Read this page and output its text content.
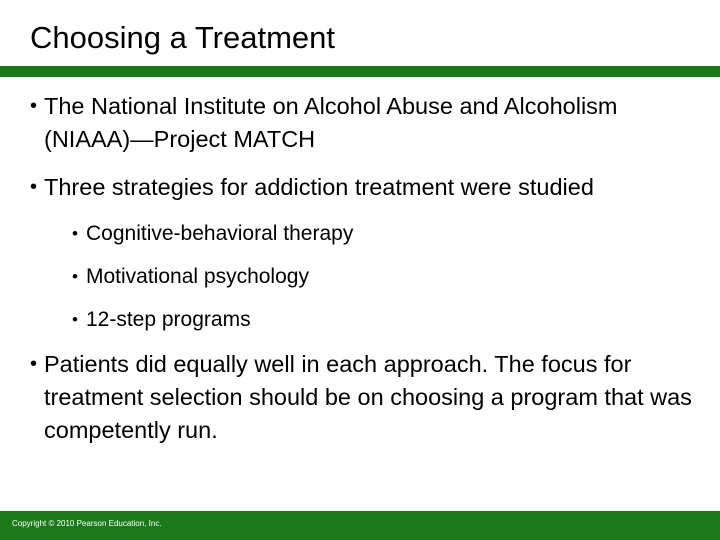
Choosing a Treatment
• The National Institute on Alcohol Abuse and Alcoholism (NIAAA)—Project MATCH
• Three strategies for addiction treatment were studied
• Cognitive-behavioral therapy
• Motivational psychology
• 12-step programs
• Patients did equally well in each approach. The focus for treatment selection should be on choosing a program that was competently run.
Copyright © 2010 Pearson Education, Inc.
